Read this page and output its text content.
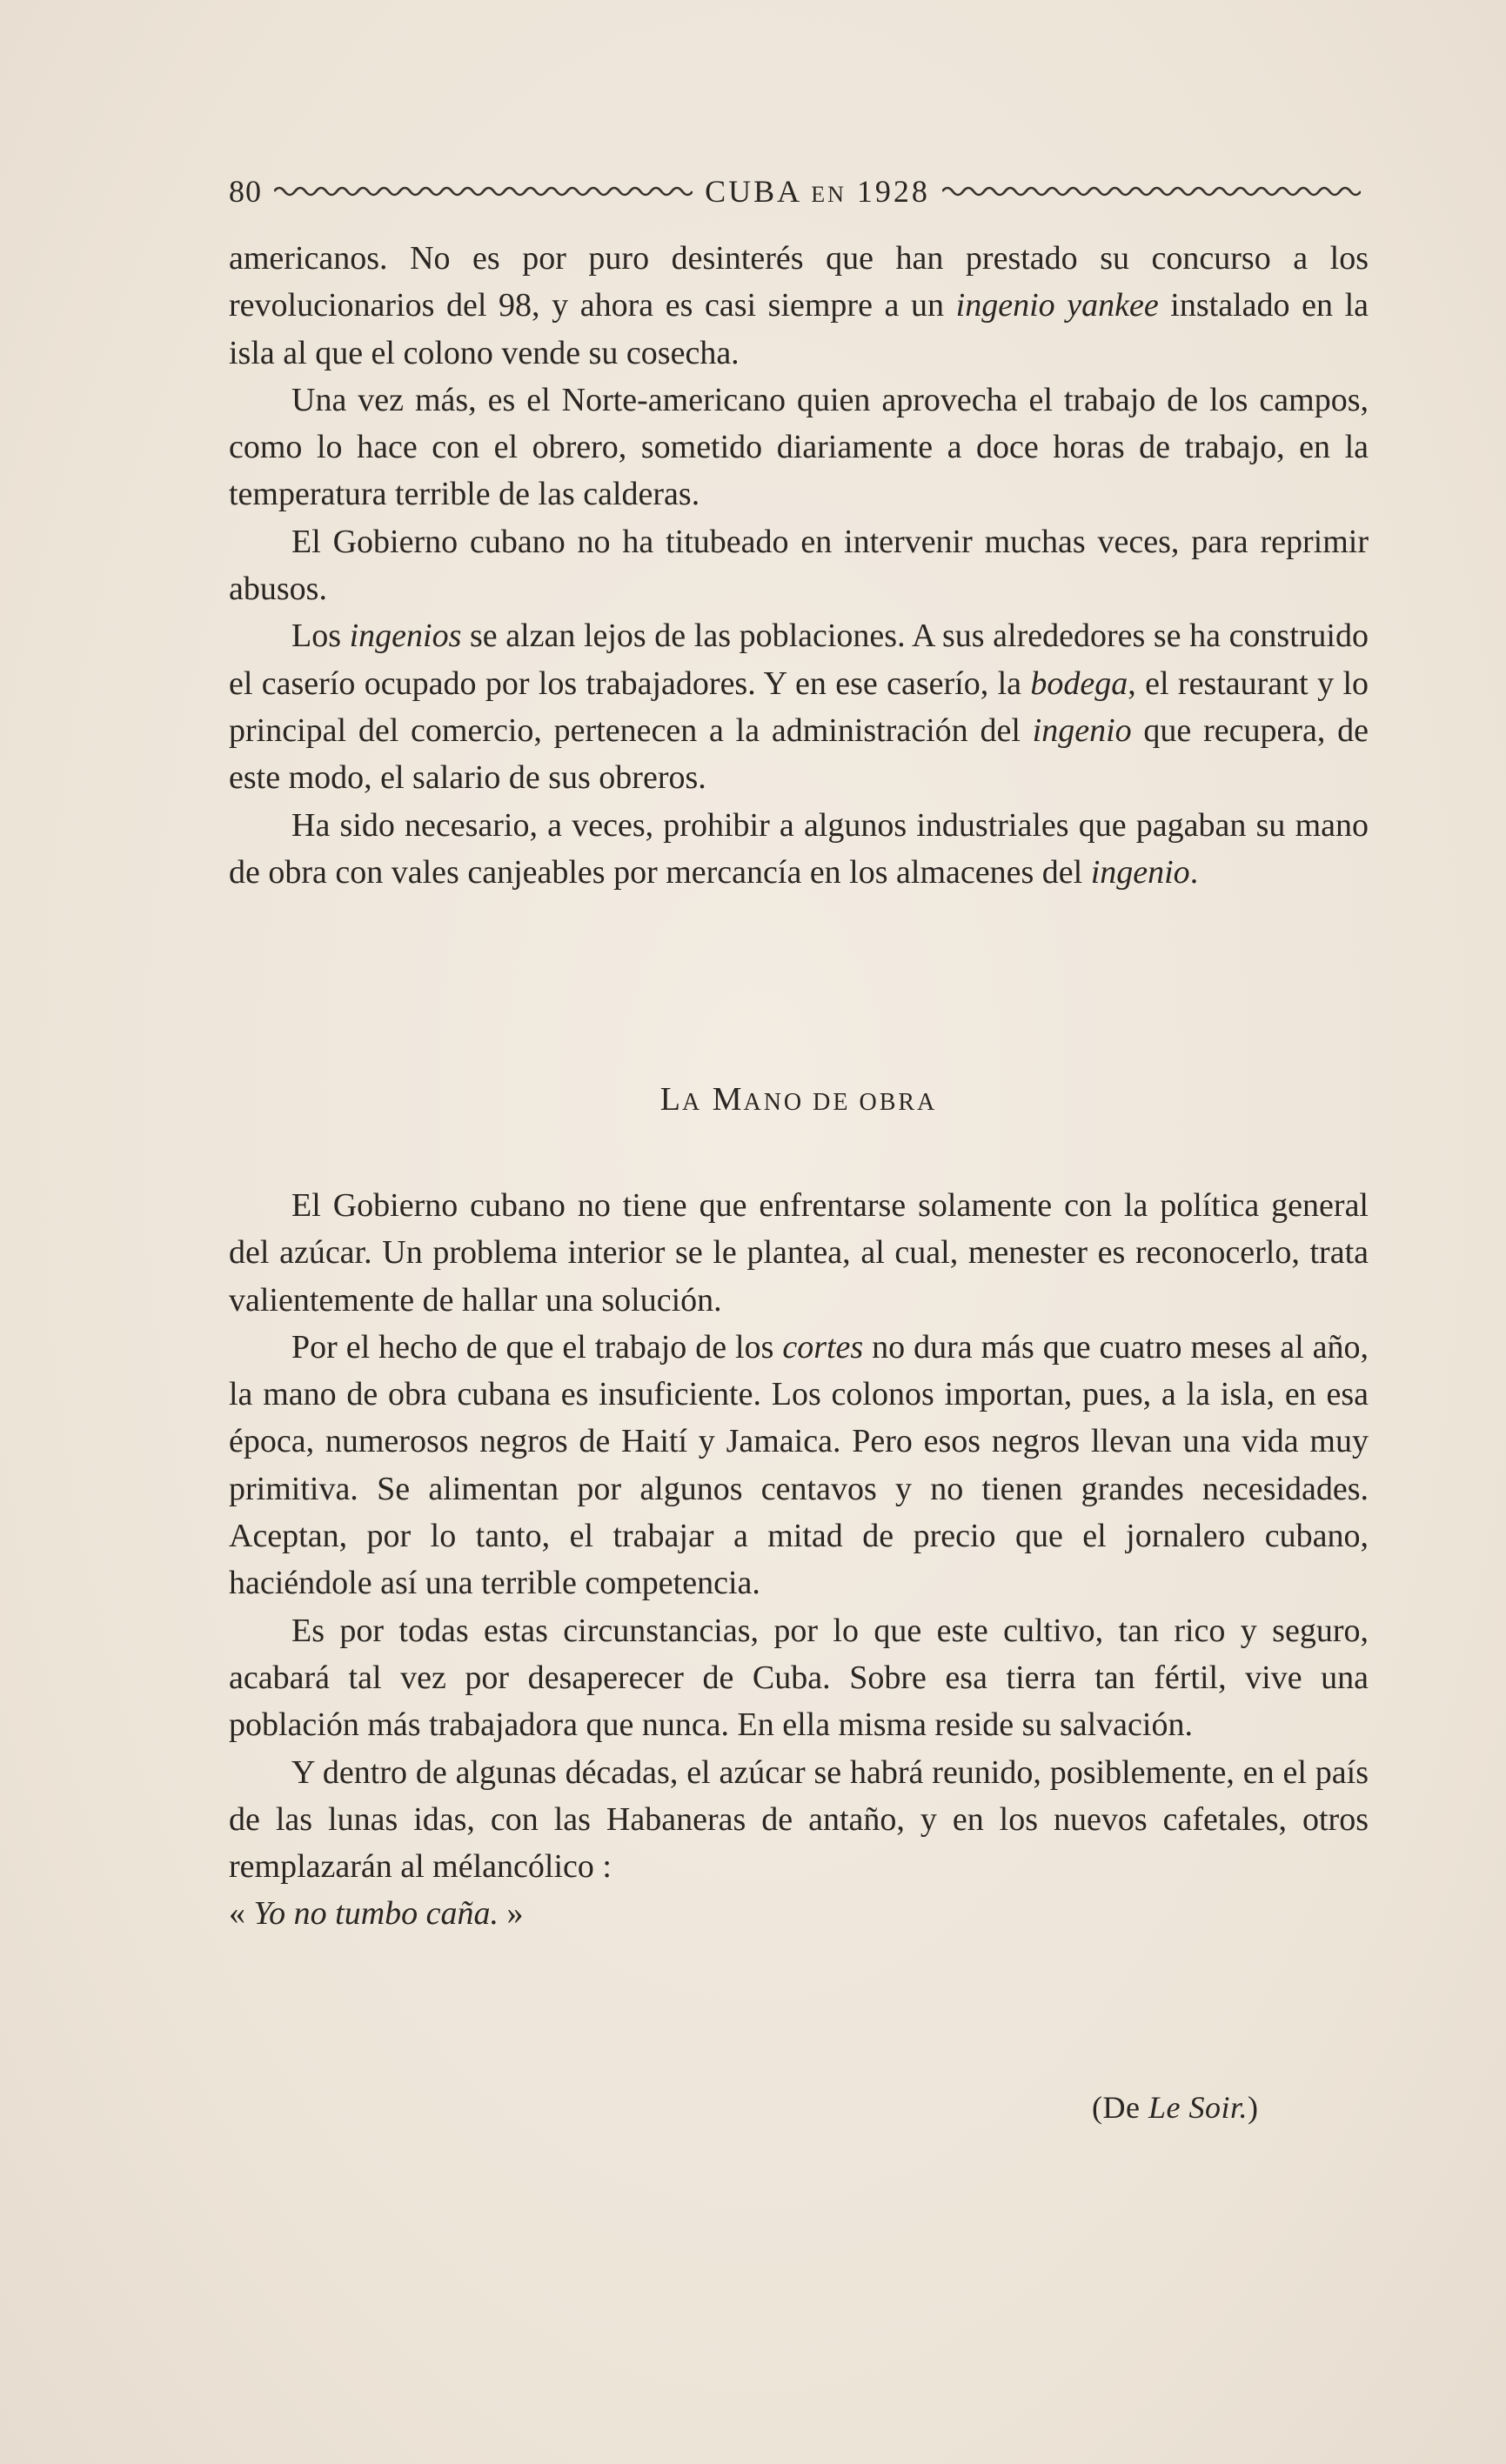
80	CUBA EN 1928

americanos. No es por puro desinterés que han prestado su concurso a los revolucionarios del 98, y ahora es casi siempre a un ingenio yankee instalado en la isla al que el colono vende su cosecha.

Una vez más, es el Norte-americano quien aprovecha el trabajo de los campos, como lo hace con el obrero, sometido diariamente a doce horas de trabajo, en la temperatura terrible de las calderas.

El Gobierno cubano no ha titubeado en intervenir muchas veces, para reprimir abusos.

Los ingenios se alzan lejos de las poblaciones. A sus alrededores se ha construido el caserío ocupado por los trabajadores. Y en ese caserío, la bodega, el restaurant y lo principal del comercio, pertenecen a la administración del ingenio que recupera, de este modo, el salario de sus obreros.

Ha sido necesario, a veces, prohibir a algunos industriales que pagaban su mano de obra con vales canjeables por mercancía en los almacenes del ingenio.

LA MANO DE OBRA

El Gobierno cubano no tiene que enfrentarse solamente con la política general del azúcar. Un problema interior se le plantea, al cual, menester es reconocerlo, trata valientemente de hallar una solución.

Por el hecho de que el trabajo de los cortes no dura más que cuatro meses al año, la mano de obra cubana es insuficiente. Los colonos importan, pues, a la isla, en esa época, numerosos negros de Haití y Jamaica. Pero esos negros llevan una vida muy primitiva. Se alimentan por algunos centavos y no tienen grandes necesidades. Aceptan, por lo tanto, el trabajar a mitad de precio que el jornalero cubano, haciéndole así una terrible competencia.

Es por todas estas circunstancias, por lo que este cultivo, tan rico y seguro, acabará tal vez por desaperecer de Cuba. Sobre esa tierra tan fértil, vive una población más trabajadora que nunca. En ella misma reside su salvación.

Y dentro de algunas décadas, el azúcar se habrá reunido, posiblemente, en el país de las lunas idas, con las Habaneras de antaño, y en los nuevos cafetales, otros remplazarán al mélancólico :
« Yo no tumbo caña. »

(De Le Soir.)
